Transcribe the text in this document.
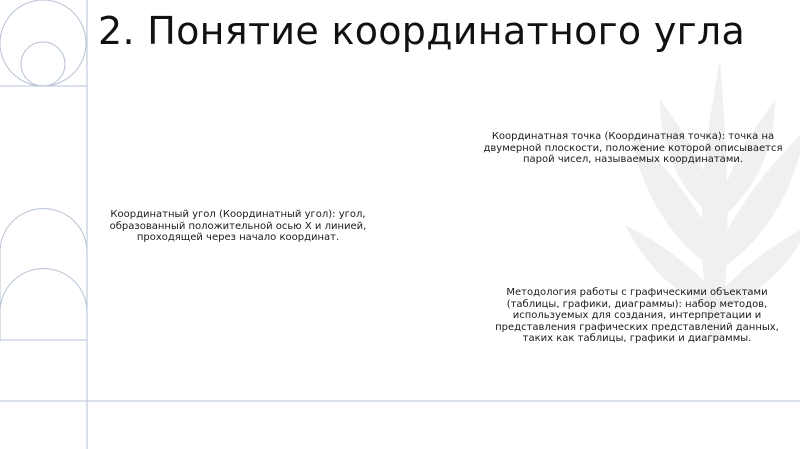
2. Понятие координатного угла

Координатная точка (Координатная точка): точка на двумерной плоскости, положение которой описывается парой чисел, называемых координатами.

Координатный угол (Координатный угол): угол, образованный положительной осью X и линией, проходящей через начало координат.

Методология работы с графическими объектами (таблицы, графики, диаграммы): набор методов, используемых для создания, интерпретации и представления графических представлений данных, таких как таблицы, графики и диаграммы.
